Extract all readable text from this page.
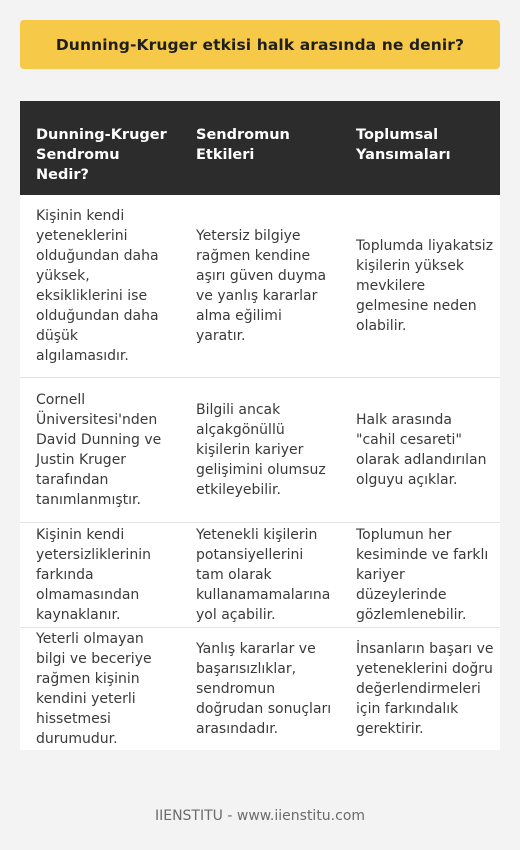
Dunning-Kruger etkisi halk arasında ne denir?
Dunning-Kruger Sendromu Nedir?	Sendromun Etkileri	Toplumsal Yansımaları
Kişinin kendi yeteneklerini olduğundan daha yüksek, eksikliklerini ise olduğundan daha düşük algılamasıdır.	Yetersiz bilgiye rağmen kendine aşırı güven duyma ve yanlış kararlar alma eğilimi yaratır.	Toplumda liyakatsiz kişilerin yüksek mevkilere gelmesine neden olabilir.
Cornell Üniversitesi'nden David Dunning ve Justin Kruger tarafından tanımlanmıştır.	Bilgili ancak alçakgönüllü kişilerin kariyer gelişimini olumsuz etkileyebilir.	Halk arasında "cahil cesareti" olarak adlandırılan olguyu açıklar.
Kişinin kendi yetersizliklerinin farkında olmamasından kaynaklanır.	Yetenekli kişilerin potansiyellerini tam olarak kullanamamalarına yol açabilir.	Toplumun her kesiminde ve farklı kariyer düzeylerinde gözlemlenebilir.
Yeterli olmayan bilgi ve beceriye rağmen kişinin kendini yeterli hissetmesi durumudur.	Yanlış kararlar ve başarısızlıklar, sendromun doğrudan sonuçları arasındadır.	İnsanların başarı ve yeteneklerini doğru değerlendirmeleri için farkındalık gerektirir.
IIENSTITU - www.iienstitu.com
